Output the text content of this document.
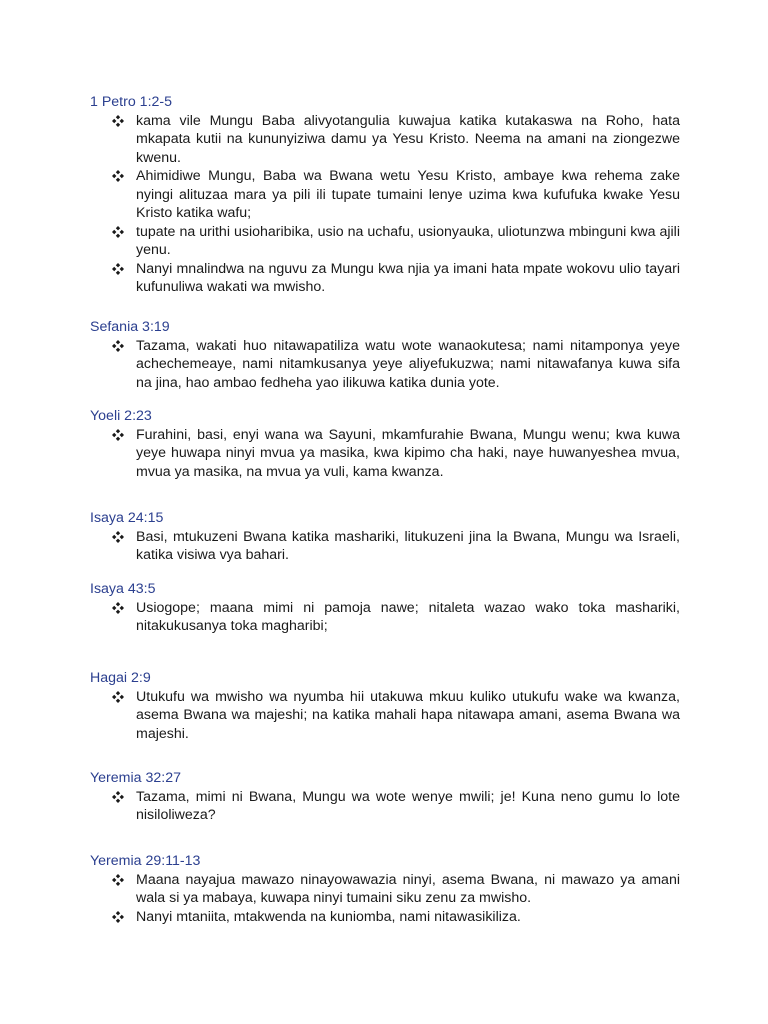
1 Petro 1:2-5
kama vile Mungu Baba alivyotangulia kuwajua katika kutakaswa na Roho, hata mkapata kutii na kununyiziwa damu ya Yesu Kristo. Neema na amani na ziongezwe kwenu.
Ahimidiwe Mungu, Baba wa Bwana wetu Yesu Kristo, ambaye kwa rehema zake nyingi alituzaa mara ya pili ili tupate tumaini lenye uzima kwa kufufuka kwake Yesu Kristo katika wafu;
tupate na urithi usioharibika, usio na uchafu, usionyauka, uliotunzwa mbinguni kwa ajili yenu.
Nanyi mnalindwa na nguvu za Mungu kwa njia ya imani hata mpate wokovu ulio tayari kufunuliwa wakati wa mwisho.
Sefania 3:19
Tazama, wakati huo nitawapatiliza watu wote wanaokutesa; nami nitamponya yeye achechemeaye, nami nitamkusanya yeye aliyefukuzwa; nami nitawafanya kuwa sifa na jina, hao ambao fedheha yao ilikuwa katika dunia yote.
Yoeli 2:23
Furahini, basi, enyi wana wa Sayuni, mkamfurahie Bwana, Mungu wenu; kwa kuwa yeye huwapa ninyi mvua ya masika, kwa kipimo cha haki, naye huwanyeshea mvua, mvua ya masika, na mvua ya vuli, kama kwanza.
Isaya 24:15
Basi, mtukuzeni Bwana katika mashariki, litukuzeni jina la Bwana, Mungu wa Israeli, katika visiwa vya bahari.
Isaya 43:5
Usiogope; maana mimi ni pamoja nawe; nitaleta wazao wako toka mashariki, nitakukusanya toka magharibi;
Hagai 2:9
Utukufu wa mwisho wa nyumba hii utakuwa mkuu kuliko utukufu wake wa kwanza, asema Bwana wa majeshi; na katika mahali hapa nitawapa amani, asema Bwana wa majeshi.
Yeremia 32:27
Tazama, mimi ni Bwana, Mungu wa wote wenye mwili; je! Kuna neno gumu lo lote nisiloliweza?
Yeremia 29:11-13
Maana nayajua mawazo ninayowawazia ninyi, asema Bwana, ni mawazo ya amani wala si ya mabaya, kuwapa ninyi tumaini siku zenu za mwisho.
Nanyi mtaniita, mtakwenda na kuniomba, nami nitawasikiliza.
